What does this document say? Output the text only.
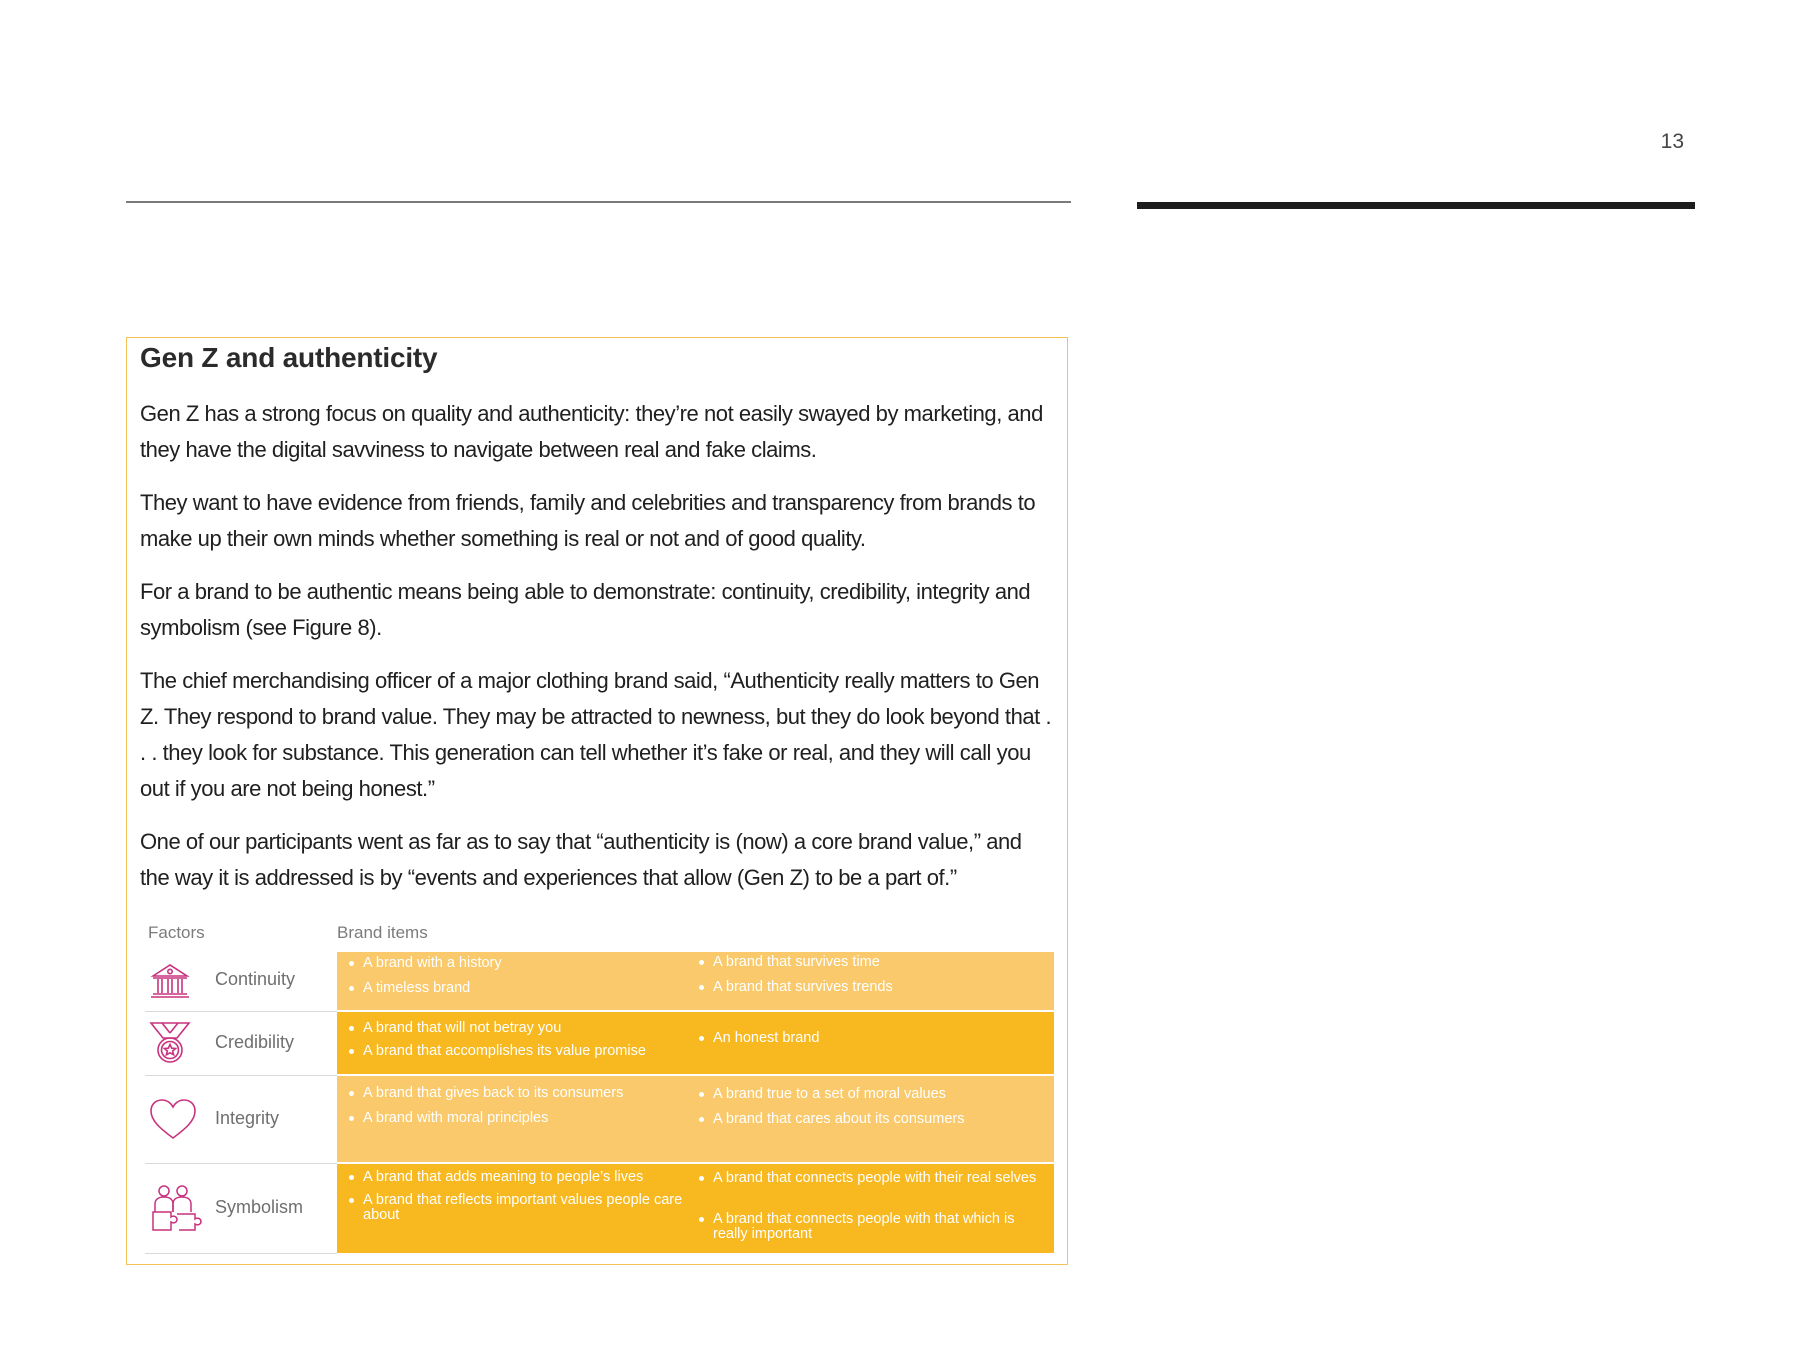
13
Gen Z and authenticity

Gen Z has a strong focus on quality and authenticity: they’re not easily swayed by marketing, and they have the digital savviness to navigate between real and fake claims.

They want to have evidence from friends, family and celebrities and transparency from brands to make up their own minds whether something is real or not and of good quality.

For a brand to be authentic means being able to demonstrate: continuity, credibility, integrity and symbolism (see Figure 8).

The chief merchandising officer of a major clothing brand said, “Authenticity really matters to Gen Z. They respond to brand value. They may be attracted to newness, but they do look beyond that . . . they look for substance. This generation can tell whether it’s fake or real, and they will call you out if you are not being honest.”

One of our participants went as far as to say that “authenticity is (now) a core brand value,” and the way it is addressed is by “events and experiences that allow (Gen Z) to be a part of.”

Factors	Brand items
Continuity
A brand with a history
A timeless brand
A brand that survives time
A brand that survives trends
Credibility
A brand that will not betray you
A brand that accomplishes its value promise
An honest brand
Integrity
A brand that gives back to its consumers
A brand with moral principles
A brand true to a set of moral values
A brand that cares about its consumers
Symbolism
A brand that adds meaning to people’s lives
A brand that reflects important values people care about
A brand that connects people with their real selves
A brand that connects people with that which is really important
